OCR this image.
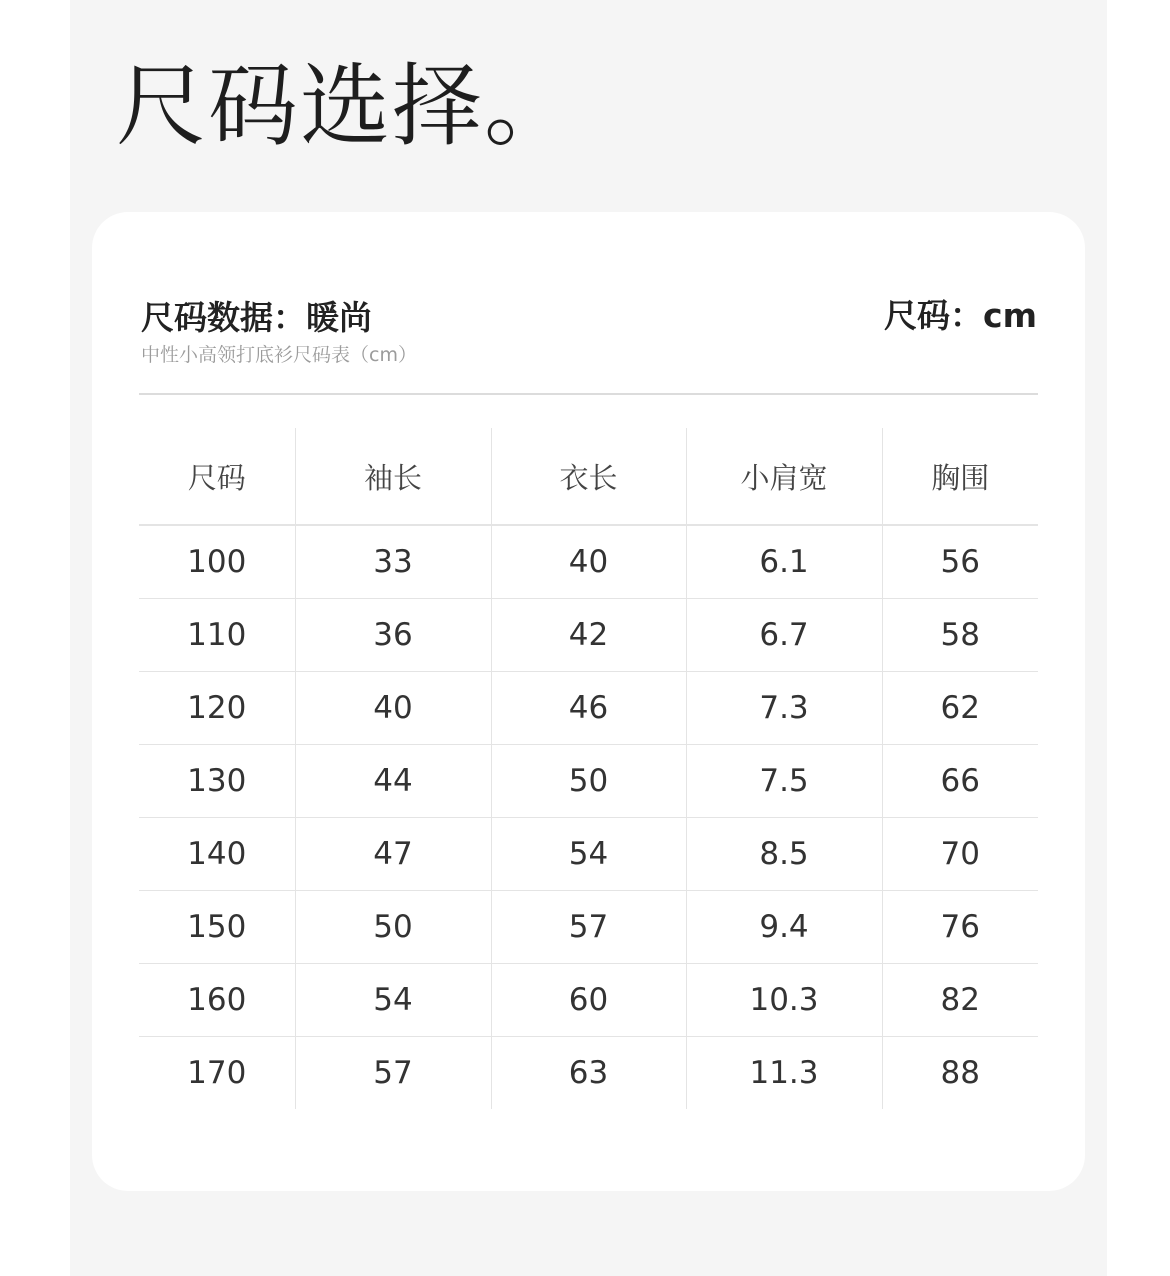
尺码选择。
尺码数据：暖尚
中性小高领打底衫尺码表（cm）
尺码：cm
尺码	袖长	衣长	小肩宽	胸围
100	33	40	6.1	56
110	36	42	6.7	58
120	40	46	7.3	62
130	44	50	7.5	66
140	47	54	8.5	70
150	50	57	9.4	76
160	54	60	10.3	82
170	57	63	11.3	88
